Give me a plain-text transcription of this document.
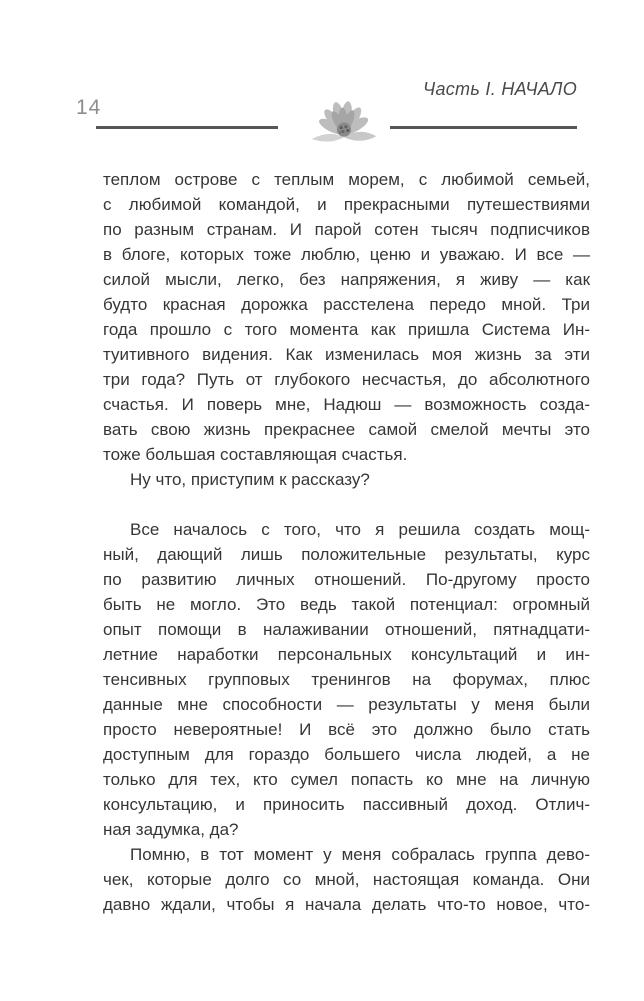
Часть I. НАЧАЛО
14
теплом острове с теплым морем, с любимой семьей,
с любимой командой, и прекрасными путешествиями
по разным странам. И парой сотен тысяч подписчиков
в блоге, которых тоже люблю, ценю и уважаю. И все —
силой мысли, легко, без напряжения, я живу — как
будто красная дорожка расстелена передо мной. Три
года прошло с того момента как пришла Система Ин-
туитивного видения. Как изменилась моя жизнь за эти
три года? Путь от глубокого несчастья, до абсолютного
счастья. И поверь мне, Надюш — возможность созда-
вать свою жизнь прекраснее самой смелой мечты это
тоже большая составляющая счастья.
Ну что, приступим к рассказу?
Все началось с того, что я решила создать мощ-
ный, дающий лишь положительные результаты, курс
по развитию личных отношений. По-другому просто
быть не могло. Это ведь такой потенциал: огромный
опыт помощи в налаживании отношений, пятнадцати-
летние наработки персональных консультаций и ин-
тенсивных групповых тренингов на форумах, плюс
данные мне способности — результаты у меня были
просто невероятные! И всё это должно было стать
доступным для гораздо большего числа людей, а не
только для тех, кто сумел попасть ко мне на личную
консультацию, и приносить пассивный доход. Отлич-
ная задумка, да?
Помню, в тот момент у меня собралась группа дево-
чек, которые долго со мной, настоящая команда. Они
давно ждали, чтобы я начала делать что-то новое, что-
